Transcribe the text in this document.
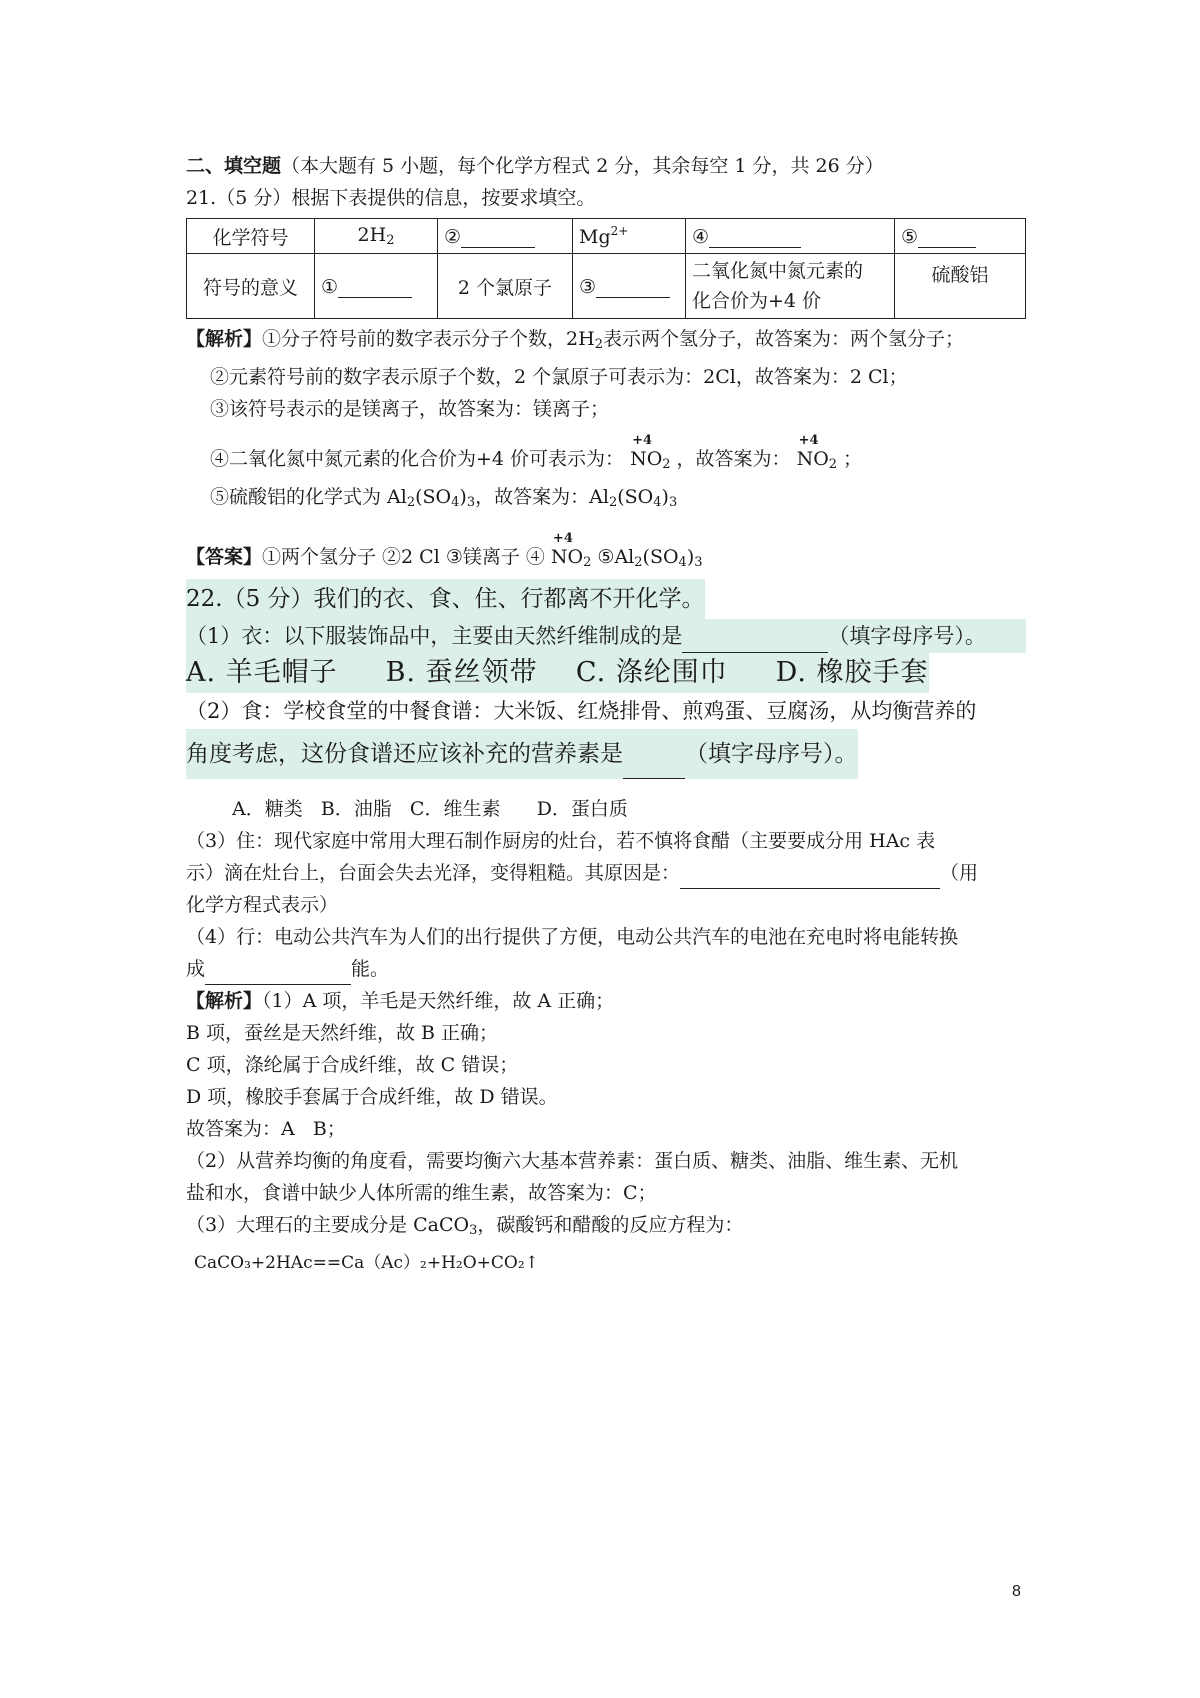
二、填空题（本大题有 5 小题，每个化学方程式 2 分，其余每空 1 分，共 26 分）
21.（5 分）根据下表提供的信息，按要求填空。
化学符号	$2H_2$	②	$Mg^{2+}$	④	⑤
符号的意义	①	2 个氯原子	③	二氧化氮中氮元素的
化合价为+4 价	硫酸铝
【解析】①分子符号前的数字表示分子个数，$2H_2$表示两个氢分子，故答案为：两个氢分子；
②元素符号前的数字表示原子个数，2 个氯原子可表示为：2Cl，故答案为：2 Cl；
③该符号表示的是镁离子，故答案为：镁离子；
④二氧化氮中氮元素的化合价为+4 价可表示为：
+4
$NO_2$ ，故答案为：
+4
$NO_2$ ；
⑤硫酸铝的化学式为 $Al_2(SO_4)_3$，故答案为：$Al_2(SO_4)_3$
【答案】①两个氢分子 ②2 Cl ③镁离子 ④
+4
$NO_2$ $⑤Al_2(SO_4)_3$
22.（5 分）我们的衣、食、住、行都离不开化学。
（1）衣：以下服装饰品中，主要由天然纤维制成的是	（填字母序号）。
A. 羊毛帽子     B. 蚕丝领带    C. 涤纶围巾     D. 橡胶手套
（2）食：学校食堂的中餐食谱：大米饭、红烧排骨、煎鸡蛋、豆腐汤，从均衡营养的
角度考虑，这份食谱还应该补充的营养素是	（填字母序号）。
A．糖类   B．油脂   C．维生素      D．蛋白质
（3）住：现代家庭中常用大理石制作厨房的灶台，若不慎将食醋（主要要成分用 HAc 表
示）滴在灶台上，台面会失去光泽，变得粗糙。其原因是：	（用
化学方程式表示）
（4）行：电动公共汽车为人们的出行提供了方便，电动公共汽车的电池在充电时将电能转换
成	能。
【解析】（1）A 项，羊毛是天然纤维，故 A 正确；
B 项，蚕丝是天然纤维，故 B 正确；
C 项，涤纶属于合成纤维，故 C 错误；
D 项，橡胶手套属于合成纤维，故 D 错误。
故答案为：A   B；
（2）从营养均衡的角度看，需要均衡六大基本营养素：蛋白质、糖类、油脂、维生素、无机
盐和水，食谱中缺少人体所需的维生素，故答案为：C；
（3）大理石的主要成分是 CaCO$_3$，碳酸钙和醋酸的反应方程为：
CaCO₃+2HAc==Ca（Ac）₂+H₂O+CO₂↑
8
